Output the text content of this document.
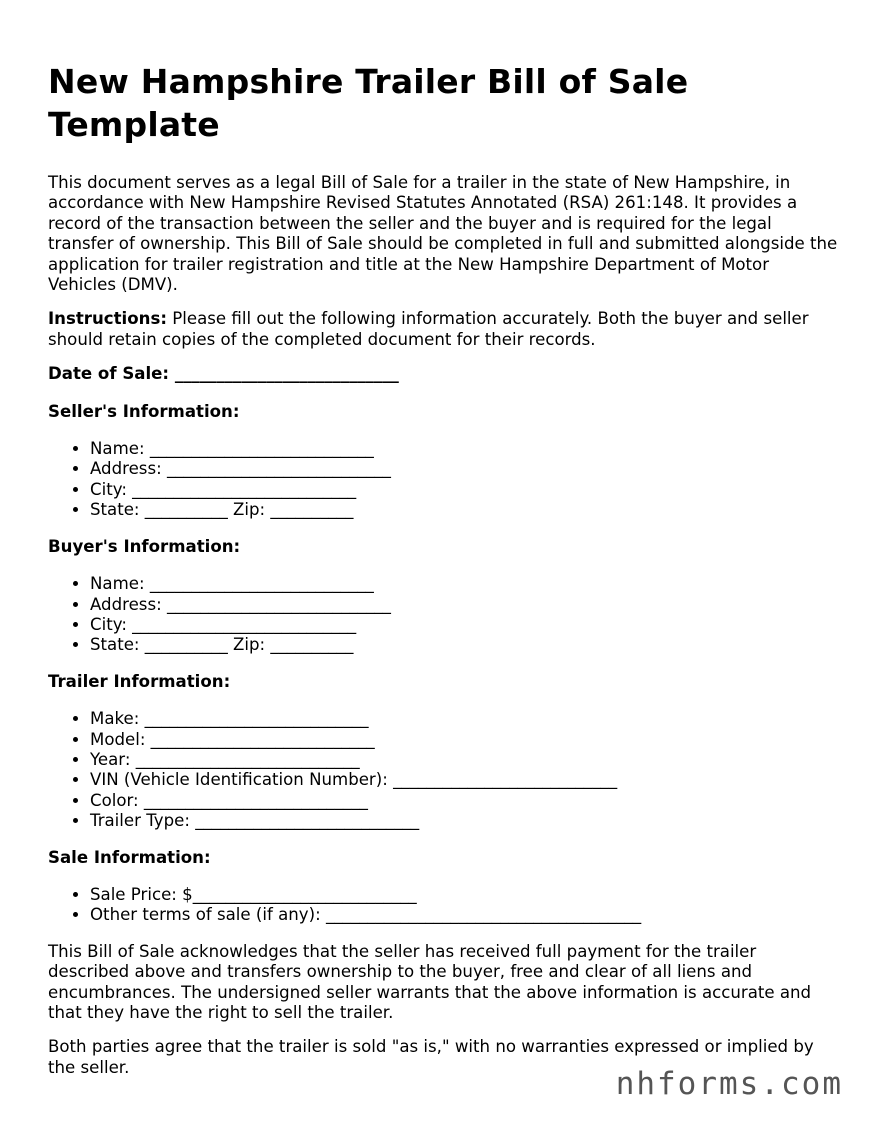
New Hampshire Trailer Bill of Sale Template

This document serves as a legal Bill of Sale for a trailer in the state of New Hampshire, in accordance with New Hampshire Revised Statutes Annotated (RSA) 261:148. It provides a record of the transaction between the seller and the buyer and is required for the legal transfer of ownership. This Bill of Sale should be completed in full and submitted alongside the application for trailer registration and title at the New Hampshire Department of Motor Vehicles (DMV).

Instructions: Please fill out the following information accurately. Both the buyer and seller should retain copies of the completed document for their records.

Date of Sale: ___________________________
Seller's Information:
• Name: ___________________________
• Address: ___________________________
• City: ___________________________
• State: __________ Zip: __________
Buyer's Information:
• Name: ___________________________
• Address: ___________________________
• City: ___________________________
• State: __________ Zip: __________
Trailer Information:
• Make: ___________________________
• Model: ___________________________
• Year: ___________________________
• VIN (Vehicle Identification Number): ___________________________
• Color: ___________________________
• Trailer Type: ___________________________
Sale Information:
• Sale Price: $___________________________
• Other terms of sale (if any): ______________________________________

This Bill of Sale acknowledges that the seller has received full payment for the trailer described above and transfers ownership to the buyer, free and clear of all liens and encumbrances. The undersigned seller warrants that the above information is accurate and that they have the right to sell the trailer.

Both parties agree that the trailer is sold "as is," with no warranties expressed or implied by the seller.	nhforms.com
